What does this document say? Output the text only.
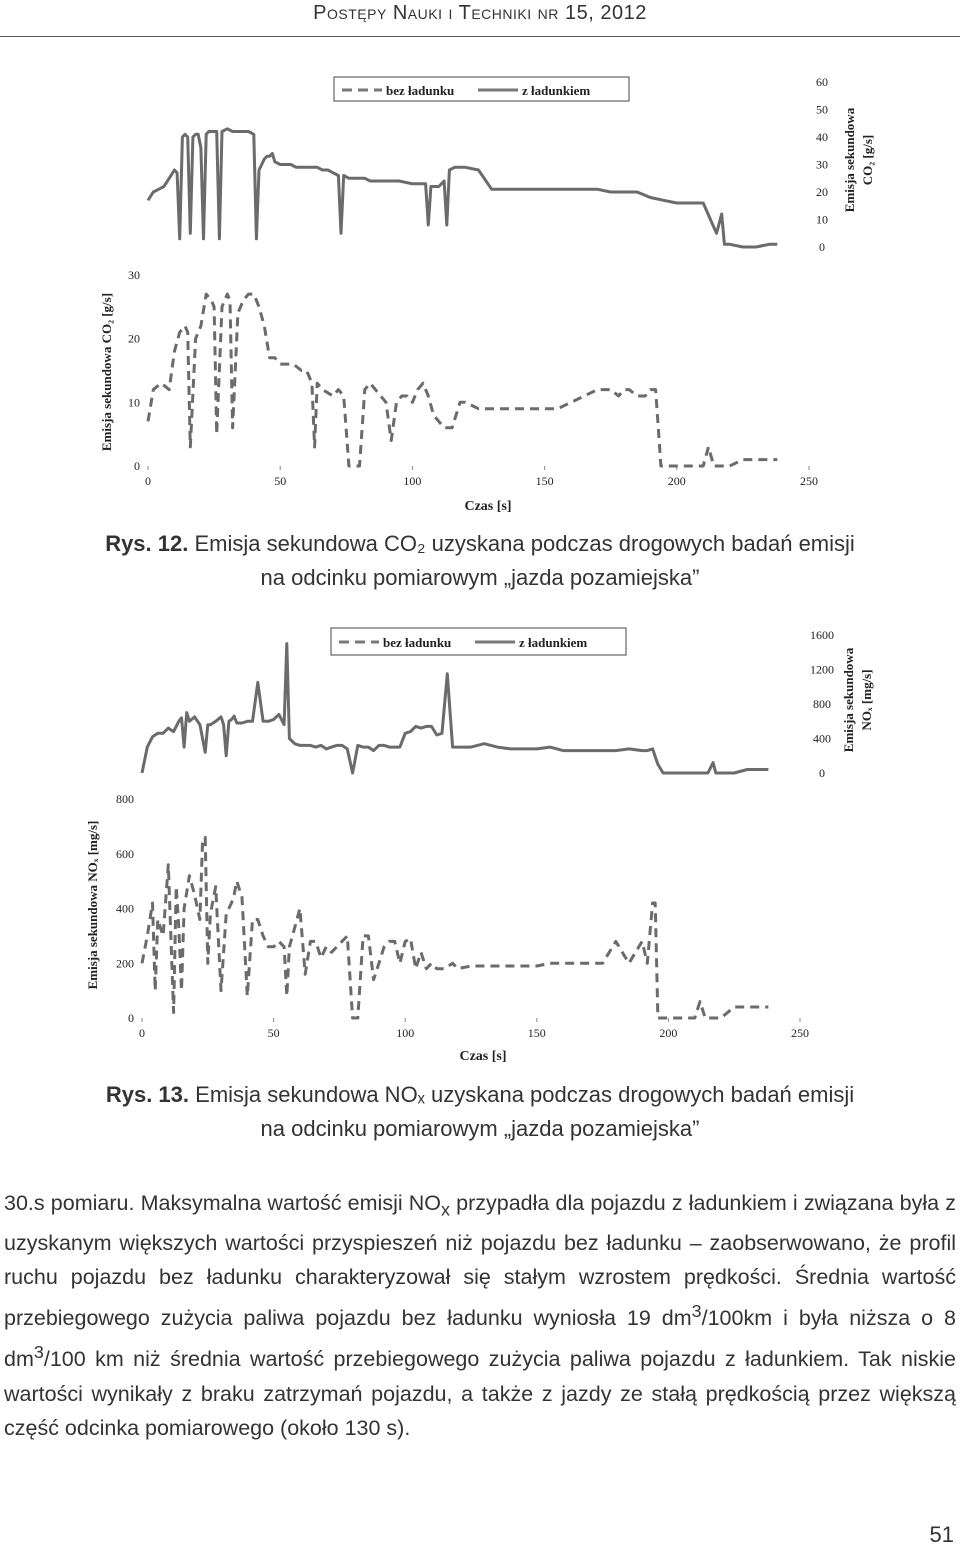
Postępy Nauki i Techniki nr 15, 2012
0	50	100	150	200	250
0
10
20
30
0
10
20
30
40
50
60
bez ładunku	z ładunkiem
Czas [s]
Emisja sekundowa CO₂ [g/s]
Emisja sekundowa CO₂ [g/s]
Rys. 12. Emisja sekundowa CO₂ uzyskana podczas drogowych badań emisji
na odcinku pomiarowym „jazda pozamiejska”
0	50	100	150	200	250
0
200
400
600
800
0
400
800
1200
1600
bez ładunku	z ładunkiem
Czas [s]
Emisja sekundowa NOₓ [mg/s]
Emisja sekundowa NOₓ [mg/s]
Rys. 13. Emisja sekundowa NOₓ uzyskana podczas drogowych badań emisji
na odcinku pomiarowym „jazda pozamiejska”

30.s pomiaru. Maksymalna wartość emisji $NO_x$ przypadła dla pojazdu z ładunkiem i związana była z uzyskanym większych wartości przyspieszeń niż pojazdu bez ładunku – zaobserwowano, że profil ruchu pojazdu bez ładunku charakteryzował się stałym wzrostem prędkości. Średnia wartość przebiegowego zużycia paliwa pojazdu bez ładunku wyniosła 19 $dm^3/100km$ i była niższa o 8 $dm^3/100$ km niż średnia wartość przebiegowego zużycia paliwa pojazdu z ładunkiem. Tak niskie wartości wynikały z braku zatrzymań pojazdu, a także z jazdy ze stałą prędkością przez większą część odcinka pomiarowego (około 130 s).

51
